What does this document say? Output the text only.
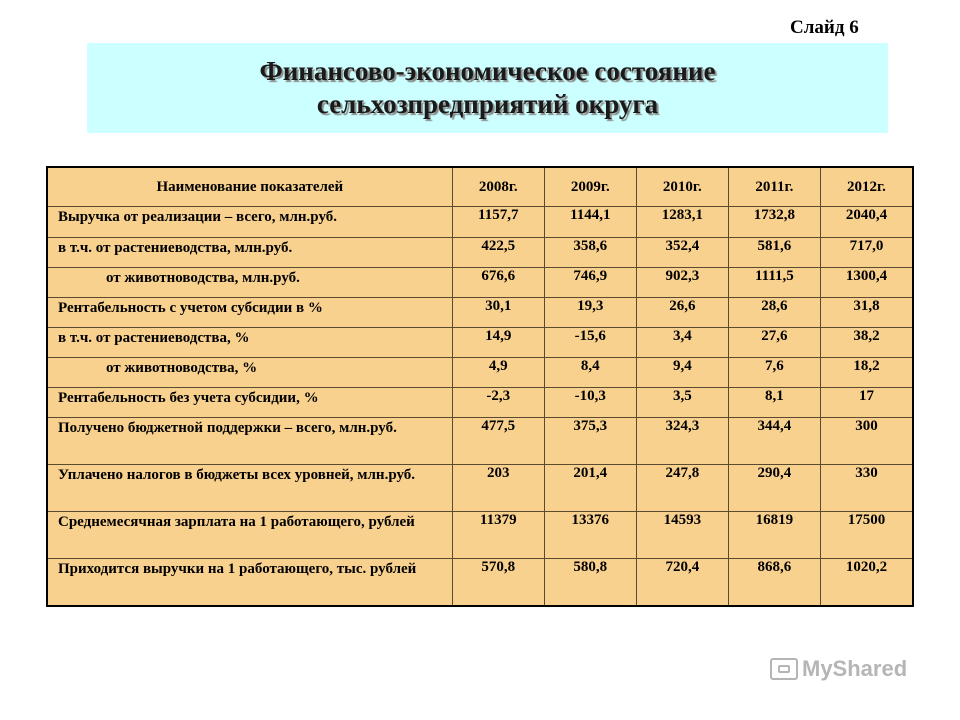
Слайд 6
Финансово-экономическое состояние
сельхозпредприятий округа
Наименование показателей	2008г.	2009г.	2010г.	2011г.	2012г.
Выручка от реализации – всего, млн.руб.	1157,7	1144,1	1283,1	1732,8	2040,4
в т.ч. от растениеводства, млн.руб.	422,5	358,6	352,4	581,6	717,0
от животноводства, млн.руб.	676,6	746,9	902,3	1111,5	1300,4
Рентабельность с учетом субсидии в %	30,1	19,3	26,6	28,6	31,8
в т.ч. от растениеводства, %	14,9	-15,6	3,4	27,6	38,2
от животноводства, %	4,9	8,4	9,4	7,6	18,2
Рентабельность без учета субсидии, %	-2,3	-10,3	3,5	8,1	17
Получено бюджетной поддержки – всего, млн.руб.	477,5	375,3	324,3	344,4	300
Уплачено налогов в бюджеты всех уровней, млн.руб.	203	201,4	247,8	290,4	330
Среднемесячная зарплата на 1 работающего, рублей	11379	13376	14593	16819	17500
Приходится выручки на 1 работающего, тыс. рублей	570,8	580,8	720,4	868,6	1020,2
MyShared
